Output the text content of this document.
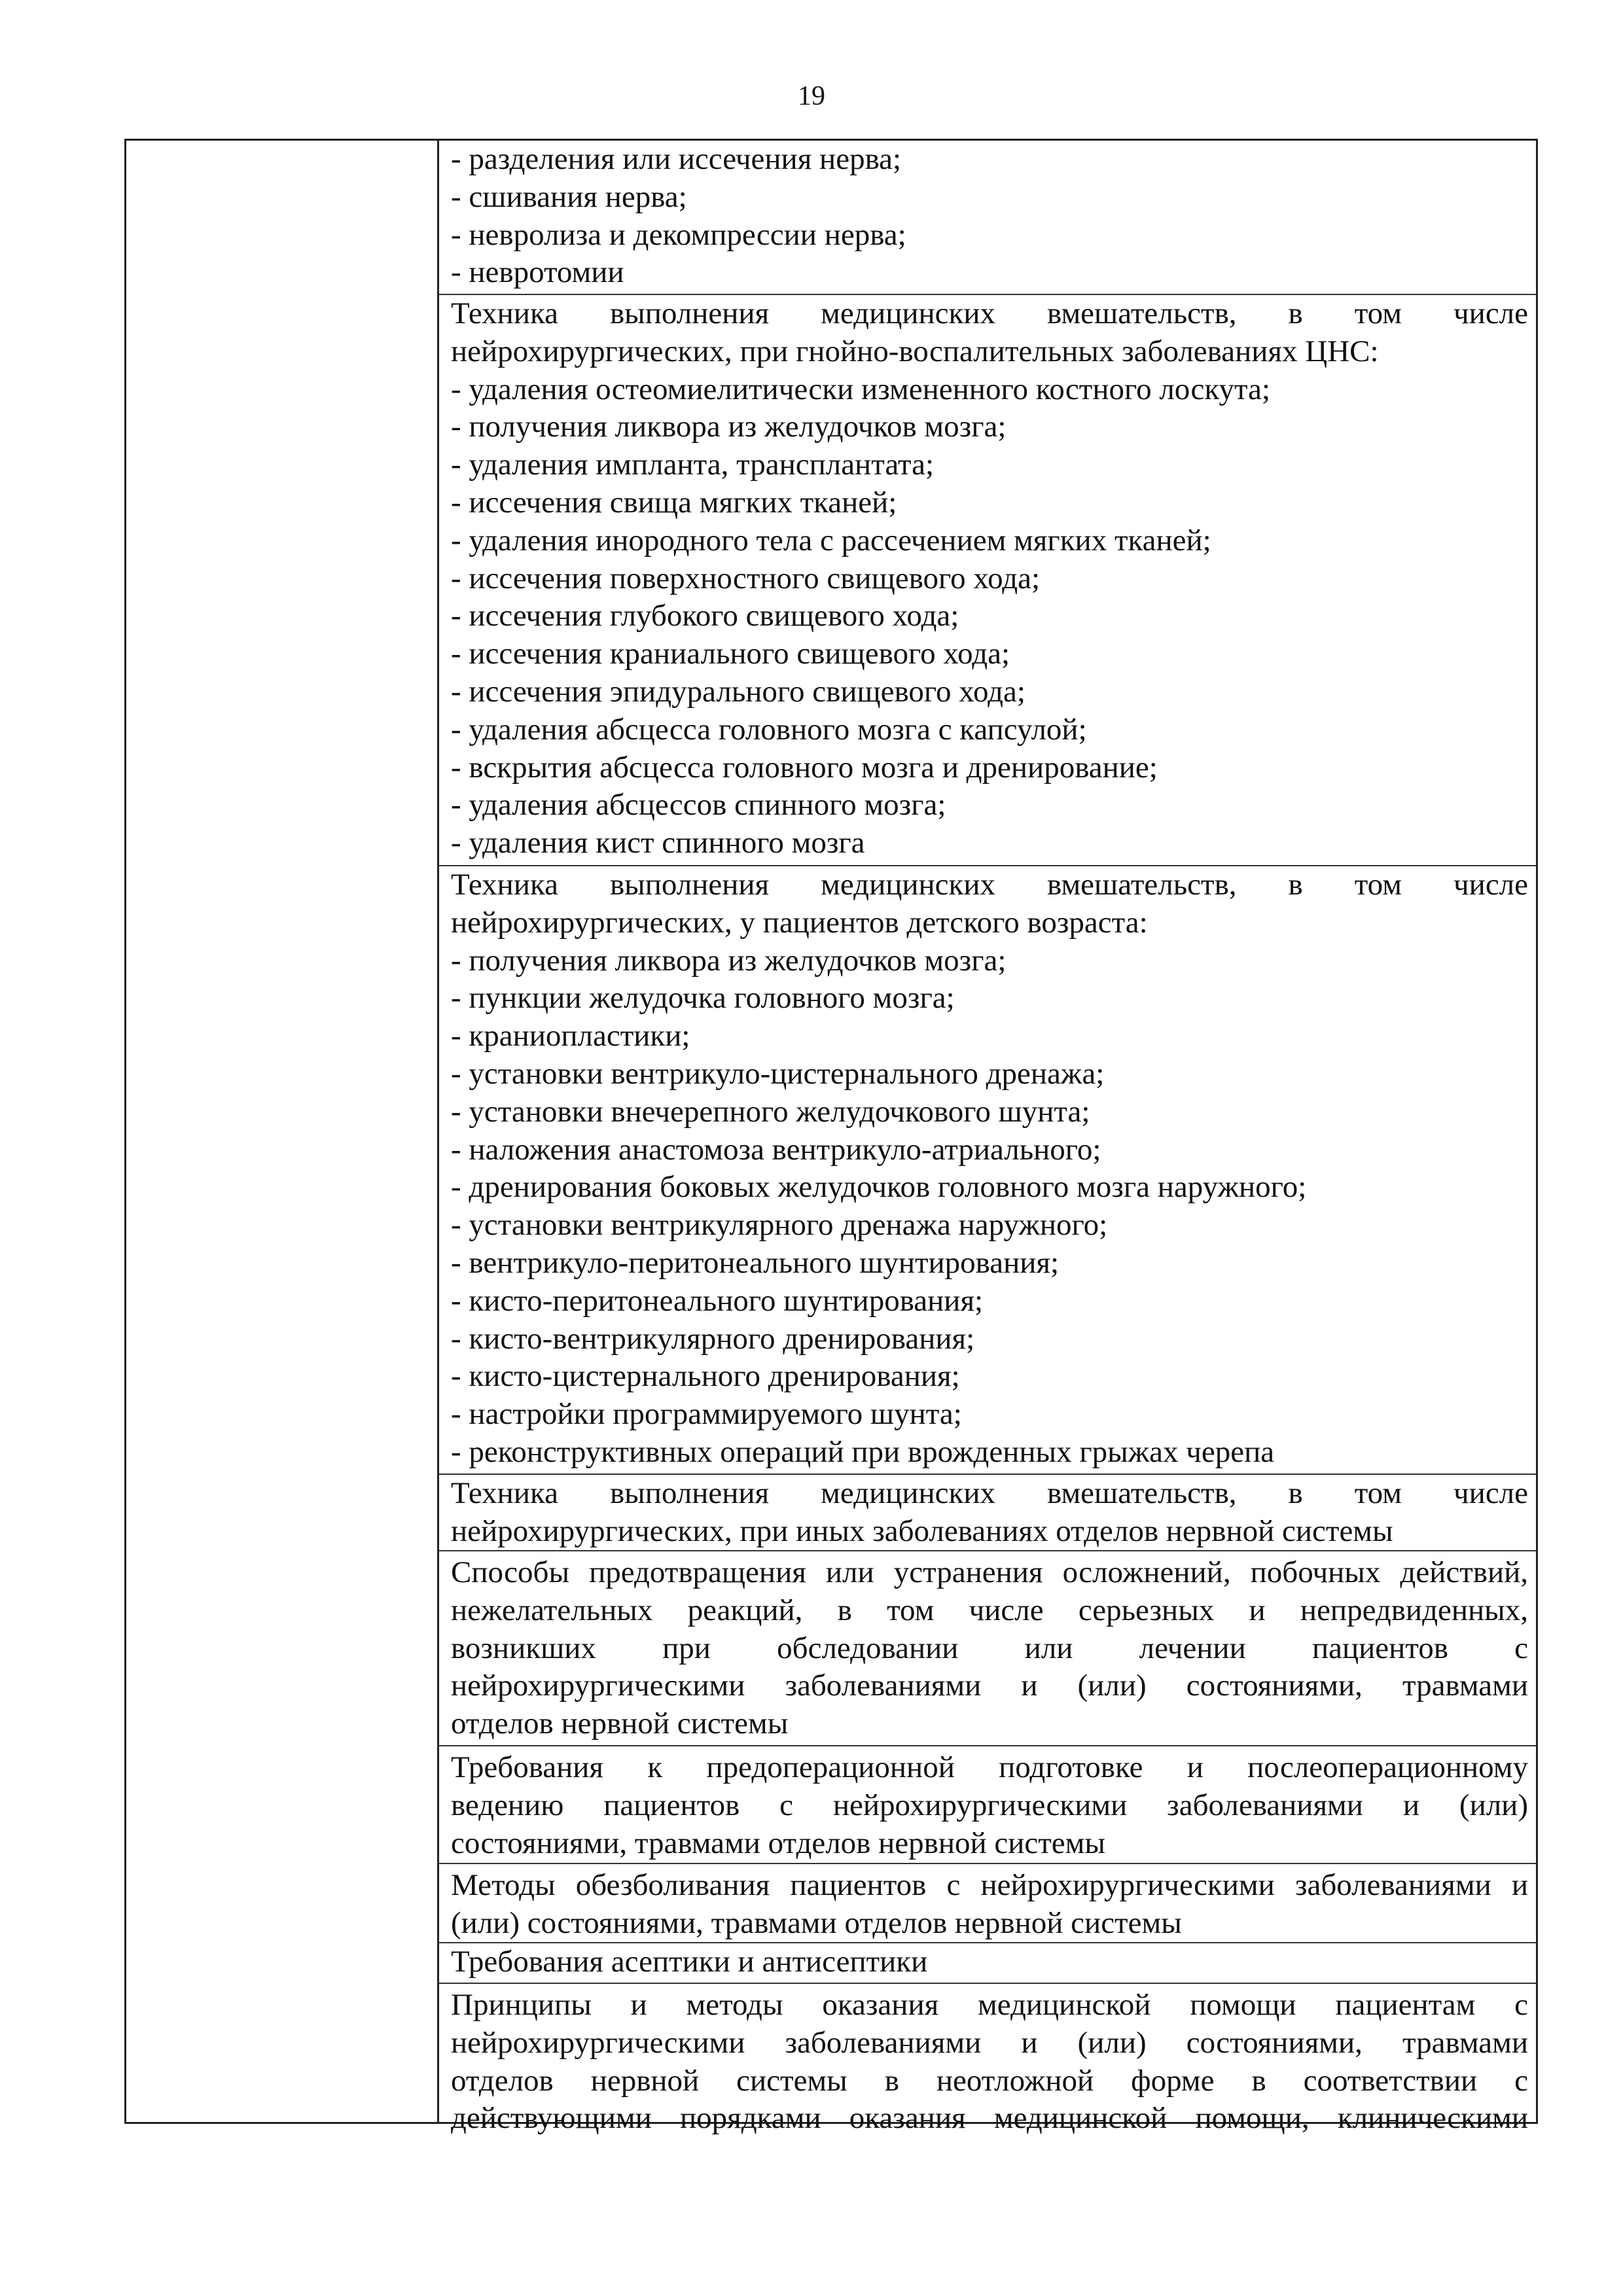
19

- разделения или иссечения нерва;

- сшивания нерва;

- невролиза и декомпрессии нерва;

- невротомии

Техника выполнения медицинских вмешательств, в том числе

нейрохирургических, при гнойно-воспалительных заболеваниях ЦНС:

- удаления остеомиелитически измененного костного лоскута;

- получения ликвора из желудочков мозга;

- удаления импланта, трансплантата;

- иссечения свища мягких тканей;

- удаления инородного тела с рассечением мягких тканей;

- иссечения поверхностного свищевого хода;

- иссечения глубокого свищевого хода;

- иссечения краниального свищевого хода;

- иссечения эпидурального свищевого хода;

- удаления абсцесса головного мозга с капсулой;

- вскрытия абсцесса головного мозга и дренирование;

- удаления абсцессов спинного мозга;

- удаления кист спинного мозга

Техника выполнения медицинских вмешательств, в том числе

нейрохирургических, у пациентов детского возраста:

- получения ликвора из желудочков мозга;

- пункции желудочка головного мозга;

- краниопластики;

- установки вентрикуло-цистернального дренажа;

- установки внечерепного желудочкового шунта;

- наложения анастомоза вентрикуло-атриального;

- дренирования боковых желудочков головного мозга наружного;

- установки вентрикулярного дренажа наружного;

- вентрикуло-перитонеального шунтирования;

- кисто-перитонеального шунтирования;

- кисто-вентрикулярного дренирования;

- кисто-цистернального дренирования;

- настройки программируемого шунта;

- реконструктивных операций при врожденных грыжах черепа

Техника выполнения медицинских вмешательств, в том числе

нейрохирургических, при иных заболеваниях отделов нервной системы

Способы предотвращения или устранения осложнений, побочных действий,

нежелательных реакций, в том числе серьезных и непредвиденных,

возникших при обследовании или лечении пациентов с

нейрохирургическими заболеваниями и (или) состояниями, травмами

отделов нервной системы

Требования к предоперационной подготовке и послеоперационному

ведению пациентов с нейрохирургическими заболеваниями и (или)

состояниями, травмами отделов нервной системы

Методы обезболивания пациентов с нейрохирургическими заболеваниями и

(или) состояниями, травмами отделов нервной системы

Требования асептики и антисептики

Принципы и методы оказания медицинской помощи пациентам с

нейрохирургическими заболеваниями и (или) состояниями, травмами

отделов нервной системы в неотложной форме в соответствии с

действующими порядками оказания медицинской помощи, клиническими
